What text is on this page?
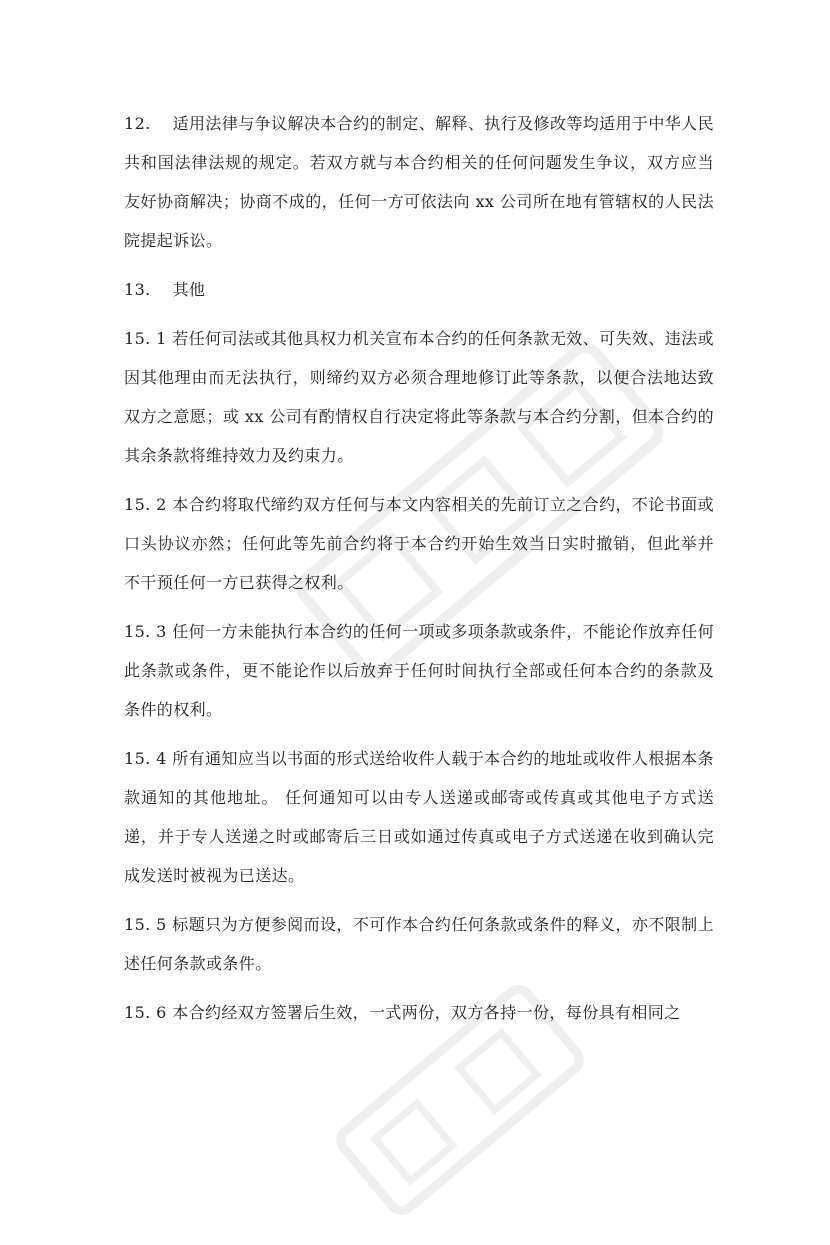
12.    适用法律与争议解决本合约的制定、解释、执行及修改等均适用于中华人民共和国法律法规的规定。若双方就与本合约相关的任何问题发生争议，双方应当友好协商解决；协商不成的，任何一方可依法向 xx 公司所在地有管辖权的人民法院提起诉讼。

13.    其他

15. 1 若任何司法或其他具权力机关宣布本合约的任何条款无效、可失效、违法或因其他理由而无法执行，则缔约双方必须合理地修订此等条款，以便合法地达致双方之意愿；或 xx 公司有酌情权自行决定将此等条款与本合约分割，但本合约的其余条款将维持效力及约束力。

15. 2 本合约将取代缔约双方任何与本文内容相关的先前订立之合约，不论书面或口头协议亦然；任何此等先前合约将于本合约开始生效当日实时撤销，但此举并不干预任何一方已获得之权利。

15. 3 任何一方未能执行本合约的任何一项或多项条款或条件，不能论作放弃任何此条款或条件，更不能论作以后放弃于任何时间执行全部或任何本合约的条款及条件的权利。

15. 4 所有通知应当以书面的形式送给收件人载于本合约的地址或收件人根据本条款通知的其他地址。 任何通知可以由专人送递或邮寄或传真或其他电子方式送递，并于专人送递之时或邮寄后三日或如通过传真或电子方式送递在收到确认完成发送时被视为已送达。

15. 5 标题只为方便参阅而设，不可作本合约任何条款或条件的释义，亦不限制上述任何条款或条件。

15. 6 本合约经双方签署后生效，一式两份，双方各持一份，每份具有相同之
